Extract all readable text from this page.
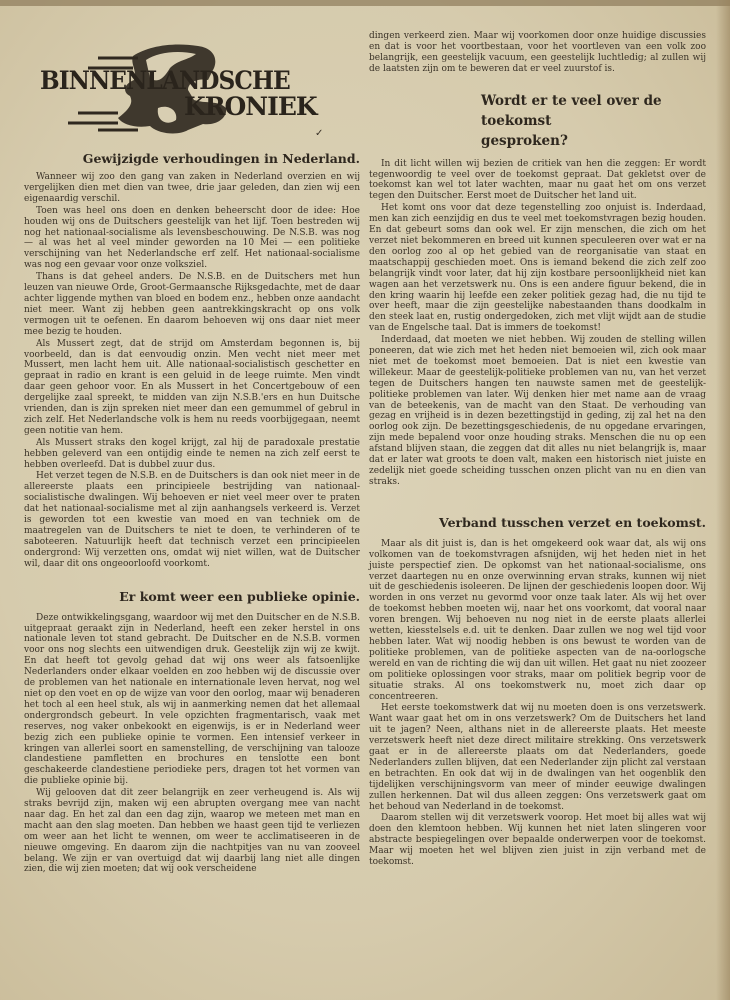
BINNENLANDSCHE
KRONIEK
✓
Gewijzigde verhoudingen in Nederland.

Wanneer wij zoo den gang van zaken in Nederland overzien en wij vergelijken dien met dien van twee, drie jaar geleden, dan zien wij een eigenaardig verschil.

Toen was heel ons doen en denken beheerscht door de idee: Hoe houden wij ons de Duitschers geestelijk van het lijf. Toen bestreden wij nog het nationaal-socialisme als levensbeschouwing. De N.S.B. was nog — al was het al veel minder geworden na 10 Mei — een politieke verschijning van het Nederlandsche erf zelf. Het nationaal-socialisme was nog een gevaar voor onze volksziel.

Thans is dat geheel anders. De N.S.B. en de Duitschers met hun leuzen van nieuwe Orde, Groot-Germaansche Rijksgedachte, met de daar achter liggende mythen van bloed en bodem enz., hebben onze aandacht niet meer. Want zij hebben geen aantrekkingskracht op ons volk vermogen uit te oefenen. En daarom behoeven wij ons daar niet meer mee bezig te houden.

Als Mussert zegt, dat de strijd om Amsterdam begonnen is, bij voorbeeld, dan is dat eenvoudig onzin. Men vecht niet meer met Mussert, men lacht hem uit. Alle nationaal-socialistisch geschetter en gepraat in radio en krant is een geluid in de leege ruimte. Men vindt daar geen gehoor voor. En als Mussert in het Concertgebouw of een dergelijke zaal spreekt, te midden van zijn N.S.B.'ers en hun Duitsche vrienden, dan is zijn spreken niet meer dan een gemummel of gebrul in zich zelf. Het Nederlandsche volk is hem nu reeds voorbijgegaan, neemt geen notitie van hem.

Als Mussert straks den kogel krijgt, zal hij de paradoxale prestatie hebben geleverd van een ontijdig einde te nemen na zich zelf eerst te hebben overleefd. Dat is dubbel zuur dus.

Het verzet tegen de N.S.B. en de Duitschers is dan ook niet meer in de allereerste plaats een principieele bestrijding van nationaal-socialistische dwalingen. Wij behoeven er niet veel meer over te praten dat het nationaal-socialisme met al zijn aanhangsels verkeerd is. Verzet is geworden tot een kwestie van moed en van techniek om de maatregelen van de Duitschers te niet te doen, te verhinderen of te saboteeren. Natuurlijk heeft dat technisch verzet een principieelen ondergrond: Wij verzetten ons, omdat wij niet willen, wat de Duitscher wil, daar dit ons ongeoorloofd voorkomt.

Er komt weer een publieke opinie.

Deze ontwikkelingsgang, waardoor wij met den Duitscher en de N.S.B. uitgepraat geraakt zijn in Nederland, heeft een zeker herstel in ons nationale leven tot stand gebracht. De Duitscher en de N.S.B. vormen voor ons nog slechts een uitwendigen druk. Geestelijk zijn wij ze kwijt. En dat heeft tot gevolg gehad dat wij ons weer als fatsoenlijke Nederlanders onder elkaar voelden en zoo hebben wij de discussie over de problemen van het nationale en internationale leven hervat, nog wel niet op den voet en op de wijze van voor den oorlog, maar wij benaderen het toch al een heel stuk, als wij in aanmerking nemen dat het allemaal ondergrondsch gebeurt. In vele opzichten fragmentarisch, vaak met reserves, nog vaker onbekookt en eigenwijs, is er in Nederland weer bezig zich een publieke opinie te vormen. Een intensief verkeer in kringen van allerlei soort en samenstelling, de verschijning van talooze clandestiene pamfletten en brochures en tenslotte een bont geschakeerde clandestiene periodieke pers, dragen tot het vormen van die publieke opinie bij.

Wij gelooven dat dit zeer belangrijk en zeer verheugend is. Als wij straks bevrijd zijn, maken wij een abrupten overgang mee van nacht naar dag. En het zal dan een dag zijn, waarop we meteen met man en macht aan den slag moeten. Dan hebben we haast geen tijd te verliezen om weer aan het licht te wennen, om weer te acclimatiseeren in de nieuwe omgeving. En daarom zijn die nachtpitjes van nu van zooveel belang. We zijn er van overtuigd dat wij daarbij lang niet alle dingen zien, die wij zien moeten; dat wij ook verscheidene

dingen verkeerd zien. Maar wij voorkomen door onze huidige discussies en dat is voor het voortbestaan, voor het voortleven van een volk zoo belangrijk, een geestelijk vacuum, een geestelijk luchtledig; al zullen wij de laatsten zijn om te beweren dat er veel zuurstof is.

Wordt er te veel over de toekomst
gesproken?

In dit licht willen wij bezien de critiek van hen die zeggen: Er wordt tegenwoordig te veel over de toekomst gepraat. Dat gekletst over de toekomst kan wel tot later wachten, maar nu gaat het om ons verzet tegen den Duitscher. Eerst moet de Duitscher het land uit.

Het komt ons voor dat deze tegenstelling zoo onjuist is. Inderdaad, men kan zich eenzijdig en dus te veel met toekomstvragen bezig houden. En dat gebeurt soms dan ook wel. Er zijn menschen, die zich om het verzet niet bekommeren en breed uit kunnen speculeeren over wat er na den oorlog zoo al op het gebied van de reorganisatie van staat en maatschappij geschieden moet. Ons is iemand bekend die zich zelf zoo belangrijk vindt voor later, dat hij zijn kostbare persoonlijkheid niet kan wagen aan het verzetswerk nu. Ons is een andere figuur bekend, die in den kring waarin hij leefde een zeker politiek gezag had, die nu tijd te over heeft, maar die zijn geestelijke nabestaanden thans doodkalm in den steek laat en, rustig ondergedoken, zich met vlijt wijdt aan de studie van de Engelsche taal. Dat is immers de toekomst!

Inderdaad, dat moeten we niet hebben. Wij zouden de stelling willen poneeren, dat wie zich met het heden niet bemoeien wil, zich ook maar niet met de toekomst moet bemoeien. Dat is niet een kwestie van willekeur. Maar de geestelijk-politieke problemen van nu, van het verzet tegen de Duitschers hangen ten nauwste samen met de geestelijk-politieke problemen van later. Wij denken hier met name aan de vraag van de beteekenis, van de macht van den Staat. De verhouding van gezag en vrijheid is in dezen bezettingstijd in geding, zij zal het na den oorlog ook zijn. De bezettingsgeschiedenis, de nu opgedane ervaringen, zijn mede bepalend voor onze houding straks. Menschen die nu op een afstand blijven staan, die zeggen dat dit alles nu niet belangrijk is, maar dat er later wat groots te doen valt, maken een historisch niet juiste en zedelijk niet goede scheiding tusschen onzen plicht van nu en dien van straks.

Verband tusschen verzet en toekomst.

Maar als dit juist is, dan is het omgekeerd ook waar dat, als wij ons volkomen van de toekomstvragen afsnijden, wij het heden niet in het juiste perspectief zien. De opkomst van het nationaal-socialisme, ons verzet daartegen nu en onze overwinning ervan straks, kunnen wij niet uit de geschiedenis isoleeren. De lijnen der geschiedenis loopen door. Wij worden in ons verzet nu gevormd voor onze taak later. Als wij het over de toekomst hebben moeten wij, naar het ons voorkomt, dat vooral naar voren brengen. Wij behoeven nu nog niet in de eerste plaats allerlei wetten, kiesstelsels e.d. uit te denken. Daar zullen we nog wel tijd voor hebben later. Wat wij noodig hebben is ons bewust te worden van de politieke problemen, van de politieke aspecten van de na-oorlogsche wereld en van de richting die wij dan uit willen. Het gaat nu niet zoozeer om politieke oplossingen voor straks, maar om politiek begrip voor de situatie straks. Al ons toekomstwerk nu, moet zich daar op concentreeren.

Het eerste toekomstwerk dat wij nu moeten doen is ons verzetswerk. Want waar gaat het om in ons verzetswerk? Om de Duitschers het land uit te jagen? Neen, althans niet in de allereerste plaats. Het meeste verzetswerk heeft niet deze direct militaire strekking. Ons verzetswerk gaat er in de allereerste plaats om dat Nederlanders, goede Nederlanders zullen blijven, dat een Nederlander zijn plicht zal verstaan en betrachten. En ook dat wij in de dwalingen van het oogenblik den tijdelijken verschijningsvorm van meer of minder eeuwige dwalingen zullen herkennen. Dat wil dus alleen zeggen: Ons verzetswerk gaat om het behoud van Nederland in de toekomst.

Daarom stellen wij dit verzetswerk voorop. Het moet bij alles wat wij doen den klemtoon hebben. Wij kunnen het niet laten slingeren voor abstracte bespiegelingen over bepaalde onderwerpen voor de toekomst. Maar wij moeten het wel blijven zien juist in zijn verband met de toekomst.
